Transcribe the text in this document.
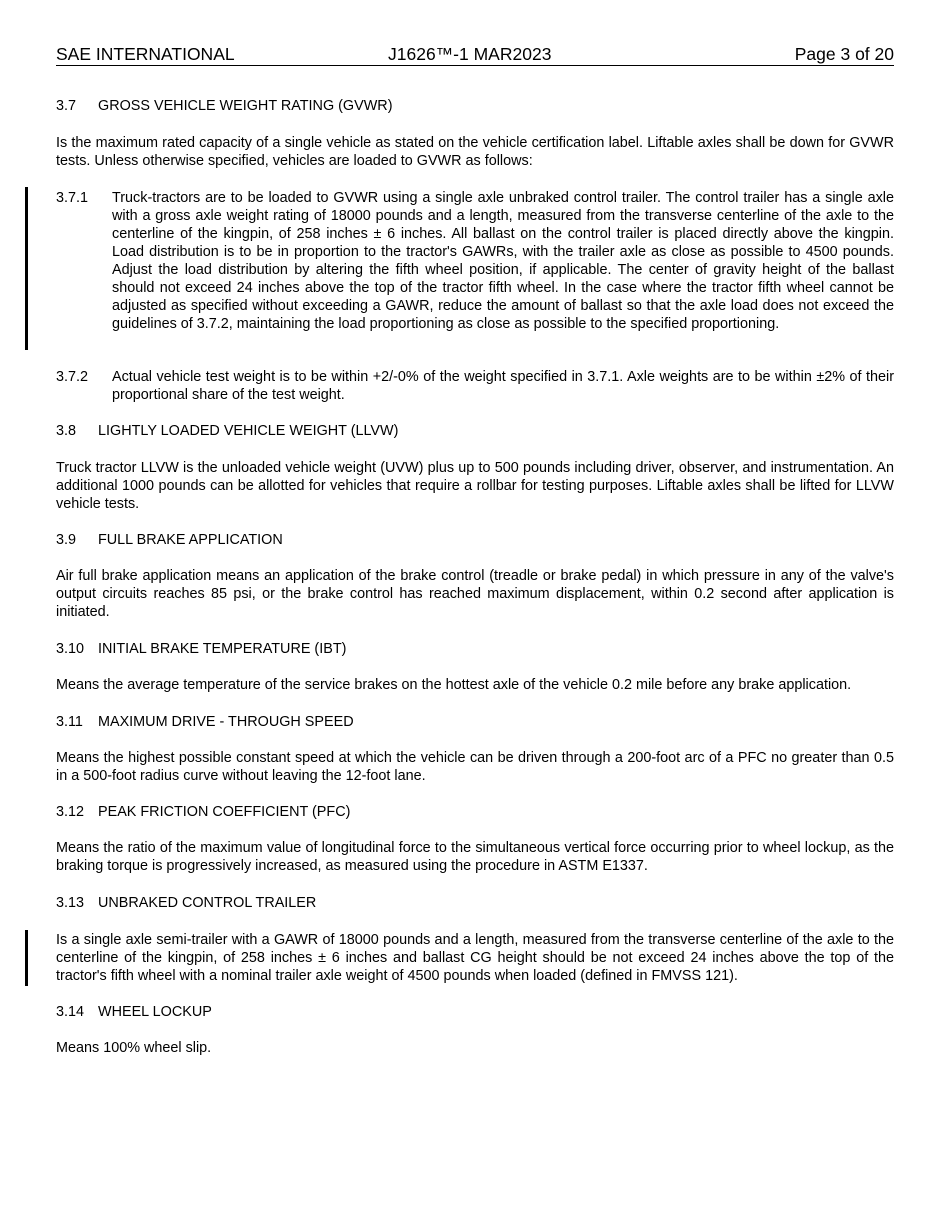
SAE INTERNATIONAL	J1626™-1 MAR2023	Page 3 of 20
3.7 GROSS VEHICLE WEIGHT RATING (GVWR)
Is the maximum rated capacity of a single vehicle as stated on the vehicle certification label. Liftable axles shall be down for GVWR tests. Unless otherwise specified, vehicles are loaded to GVWR as follows:
3.7.1	Truck-tractors are to be loaded to GVWR using a single axle unbraked control trailer. The control trailer has a single axle with a gross axle weight rating of 18000 pounds and a length, measured from the transverse centerline of the axle to the centerline of the kingpin, of 258 inches ± 6 inches. All ballast on the control trailer is placed directly above the kingpin. Load distribution is to be in proportion to the tractor's GAWRs, with the trailer axle as close as possible to 4500 pounds. Adjust the load distribution by altering the fifth wheel position, if applicable. The center of gravity height of the ballast should not exceed 24 inches above the top of the tractor fifth wheel. In the case where the tractor fifth wheel cannot be adjusted as specified without exceeding a GAWR, reduce the amount of ballast so that the axle load does not exceed the guidelines of 3.7.2, maintaining the load proportioning as close as possible to the specified proportioning.
3.7.2	Actual vehicle test weight is to be within +2/-0% of the weight specified in 3.7.1. Axle weights are to be within ±2% of their proportional share of the test weight.
3.8 LIGHTLY LOADED VEHICLE WEIGHT (LLVW)
Truck tractor LLVW is the unloaded vehicle weight (UVW) plus up to 500 pounds including driver, observer, and instrumentation. An additional 1000 pounds can be allotted for vehicles that require a rollbar for testing purposes. Liftable axles shall be lifted for LLVW vehicle tests.
3.9 FULL BRAKE APPLICATION
Air full brake application means an application of the brake control (treadle or brake pedal) in which pressure in any of the valve's output circuits reaches 85 psi, or the brake control has reached maximum displacement, within 0.2 second after application is initiated.
3.10 INITIAL BRAKE TEMPERATURE (IBT)
Means the average temperature of the service brakes on the hottest axle of the vehicle 0.2 mile before any brake application.
3.11 MAXIMUM DRIVE - THROUGH SPEED
Means the highest possible constant speed at which the vehicle can be driven through a 200-foot arc of a PFC no greater than 0.5 in a 500-foot radius curve without leaving the 12-foot lane.
3.12 PEAK FRICTION COEFFICIENT (PFC)
Means the ratio of the maximum value of longitudinal force to the simultaneous vertical force occurring prior to wheel lockup, as the braking torque is progressively increased, as measured using the procedure in ASTM E1337.
3.13 UNBRAKED CONTROL TRAILER
Is a single axle semi-trailer with a GAWR of 18000 pounds and a length, measured from the transverse centerline of the axle to the centerline of the kingpin, of 258 inches ± 6 inches and ballast CG height should be not exceed 24 inches above the top of the tractor's fifth wheel with a nominal trailer axle weight of 4500 pounds when loaded (defined in FMVSS 121).
3.14 WHEEL LOCKUP
Means 100% wheel slip.
